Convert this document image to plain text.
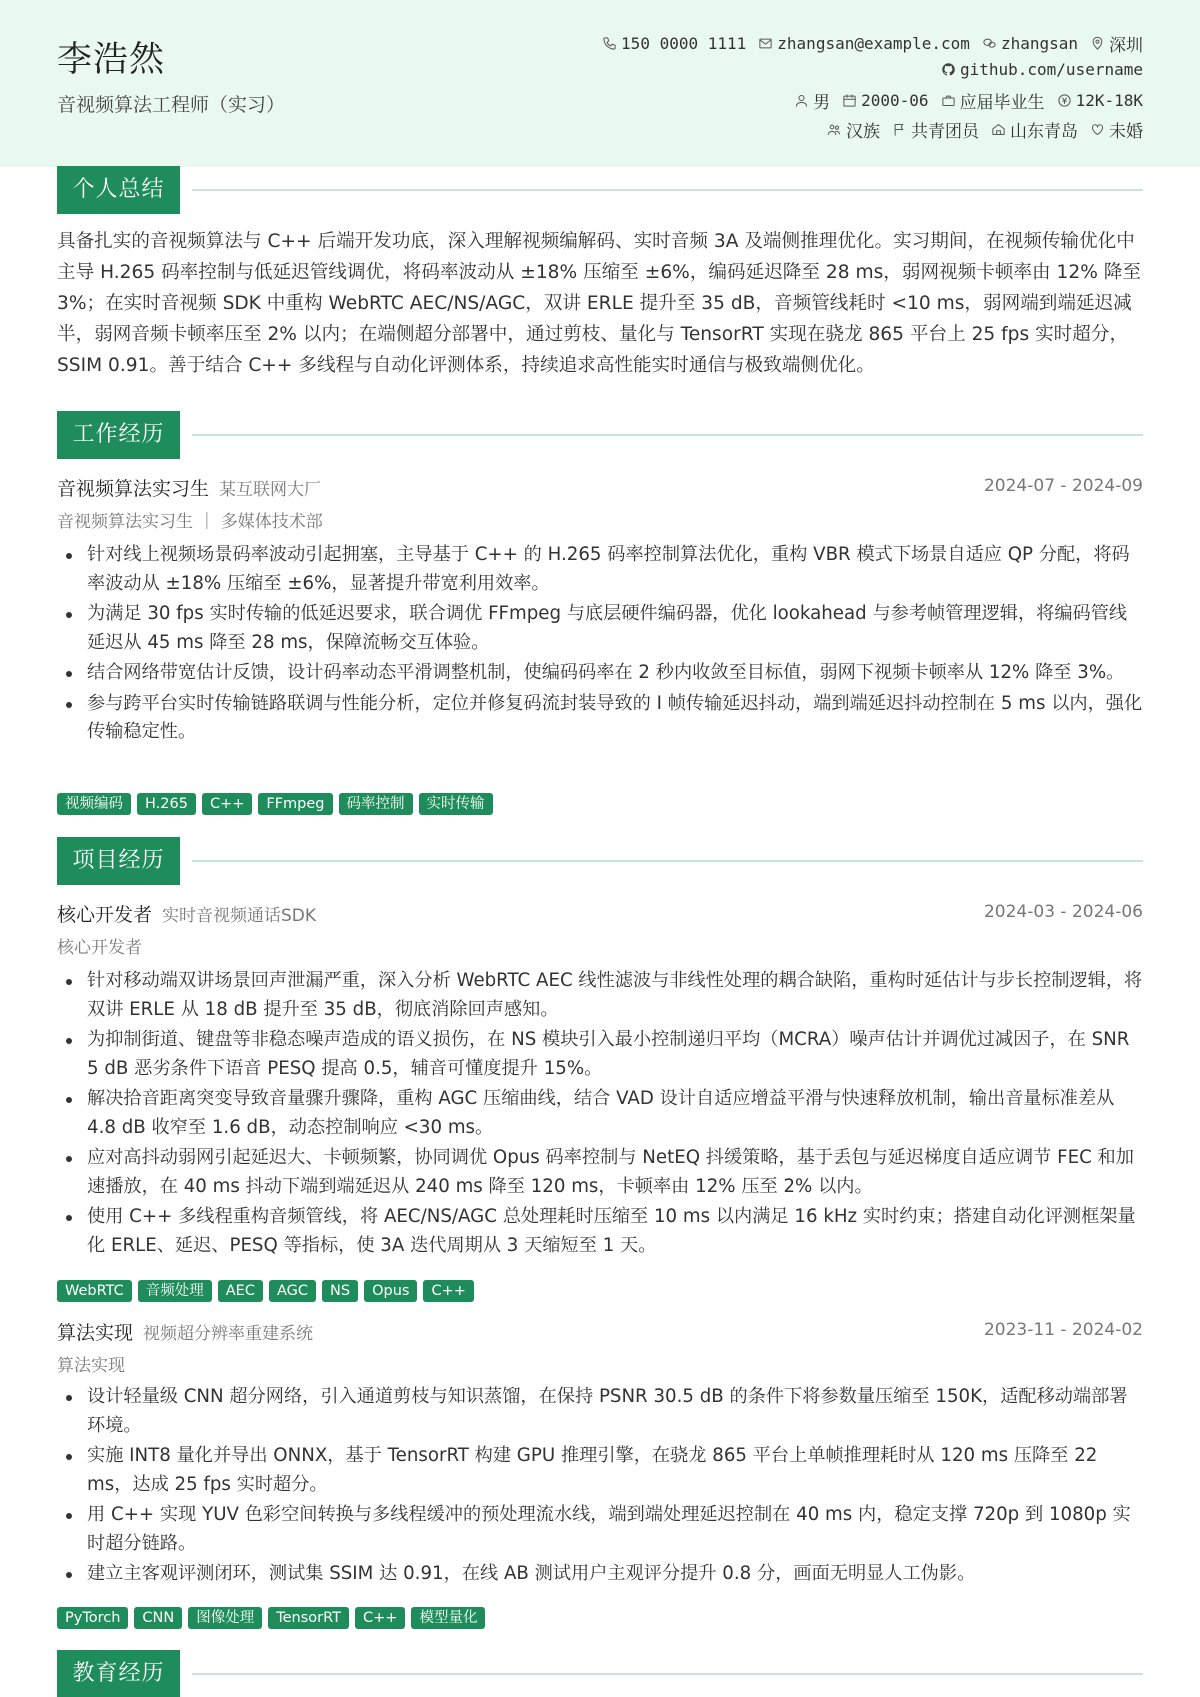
李浩然
音视频算法工程师（实习）
150 0000 1111 zhangsan@example.com zhangsan 深圳
github.com/username
男 2000-06 应届毕业生 12K-18K
汉族 共青团员 山东青岛 未婚
个人总结
具备扎实的音视频算法与 C++ 后端开发功底，深入理解视频编解码、实时音频 3A 及端侧推理优化。实习期间，在视频传输优化中主导 H.265 码率控制与低延迟管线调优，将码率波动从 ±18% 压缩至 ±6%，编码延迟降至 28 ms，弱网视频卡顿率由 12% 降至 3%；在实时音视频 SDK 中重构 WebRTC AEC/NS/AGC，双讲 ERLE 提升至 35 dB，音频管线耗时 <10 ms，弱网端到端延迟减半，弱网音频卡顿率压至 2% 以内；在端侧超分部署中，通过剪枝、量化与 TensorRT 实现在骁龙 865 平台上 25 fps 实时超分，SSIM 0.91。善于结合 C++ 多线程与自动化评测体系，持续追求高性能实时通信与极致端侧优化。
工作经历
音视频算法实习生 某互联网大厂	2024-07 - 2024-09
音视频算法实习生 ｜ 多媒体技术部
针对线上视频场景码率波动引起拥塞，主导基于 C++ 的 H.265 码率控制算法优化，重构 VBR 模式下场景自适应 QP 分配，将码率波动从 ±18% 压缩至 ±6%，显著提升带宽利用效率。
为满足 30 fps 实时传输的低延迟要求，联合调优 FFmpeg 与底层硬件编码器，优化 lookahead 与参考帧管理逻辑，将编码管线延迟从 45 ms 降至 28 ms，保障流畅交互体验。
结合网络带宽估计反馈，设计码率动态平滑调整机制，使编码码率在 2 秒内收敛至目标值，弱网下视频卡顿率从 12% 降至 3%。
参与跨平台实时传输链路联调与性能分析，定位并修复码流封装导致的 I 帧传输延迟抖动，端到端延迟抖动控制在 5 ms 以内，强化传输稳定性。
视频编码	H.265	C++	FFmpeg	码率控制	实时传输
项目经历
核心开发者 实时音视频通话SDK	2024-03 - 2024-06
核心开发者
针对移动端双讲场景回声泄漏严重，深入分析 WebRTC AEC 线性滤波与非线性处理的耦合缺陷，重构时延估计与步长控制逻辑，将双讲 ERLE 从 18 dB 提升至 35 dB，彻底消除回声感知。
为抑制街道、键盘等非稳态噪声造成的语义损伤，在 NS 模块引入最小控制递归平均（MCRA）噪声估计并调优过减因子，在 SNR 5 dB 恶劣条件下语音 PESQ 提高 0.5，辅音可懂度提升 15%。
解决拾音距离突变导致音量骤升骤降，重构 AGC 压缩曲线，结合 VAD 设计自适应增益平滑与快速释放机制，输出音量标准差从 4.8 dB 收窄至 1.6 dB，动态控制响应 <30 ms。
应对高抖动弱网引起延迟大、卡顿频繁，协同调优 Opus 码率控制与 NetEQ 抖缓策略，基于丢包与延迟梯度自适应调节 FEC 和加速播放，在 40 ms 抖动下端到端延迟从 240 ms 降至 120 ms，卡顿率由 12% 压至 2% 以内。
使用 C++ 多线程重构音频管线，将 AEC/NS/AGC 总处理耗时压缩至 10 ms 以内满足 16 kHz 实时约束；搭建自动化评测框架量化 ERLE、延迟、PESQ 等指标，使 3A 迭代周期从 3 天缩短至 1 天。
WebRTC	音频处理	AEC	AGC	NS	Opus	C++
算法实现 视频超分辨率重建系统	2023-11 - 2024-02
算法实现
设计轻量级 CNN 超分网络，引入通道剪枝与知识蒸馏，在保持 PSNR 30.5 dB 的条件下将参数量压缩至 150K，适配移动端部署环境。
实施 INT8 量化并导出 ONNX，基于 TensorRT 构建 GPU 推理引擎，在骁龙 865 平台上单帧推理耗时从 120 ms 压降至 22 ms，达成 25 fps 实时超分。
用 C++ 实现 YUV 色彩空间转换与多线程缓冲的预处理流水线，端到端处理延迟控制在 40 ms 内，稳定支撑 720p 到 1080p 实时超分链路。
建立主客观评测闭环，测试集 SSIM 达 0.91，在线 AB 测试用户主观评分提升 0.8 分，画面无明显人工伪影。
PyTorch	CNN	图像处理	TensorRT	C++	模型量化
教育经历
